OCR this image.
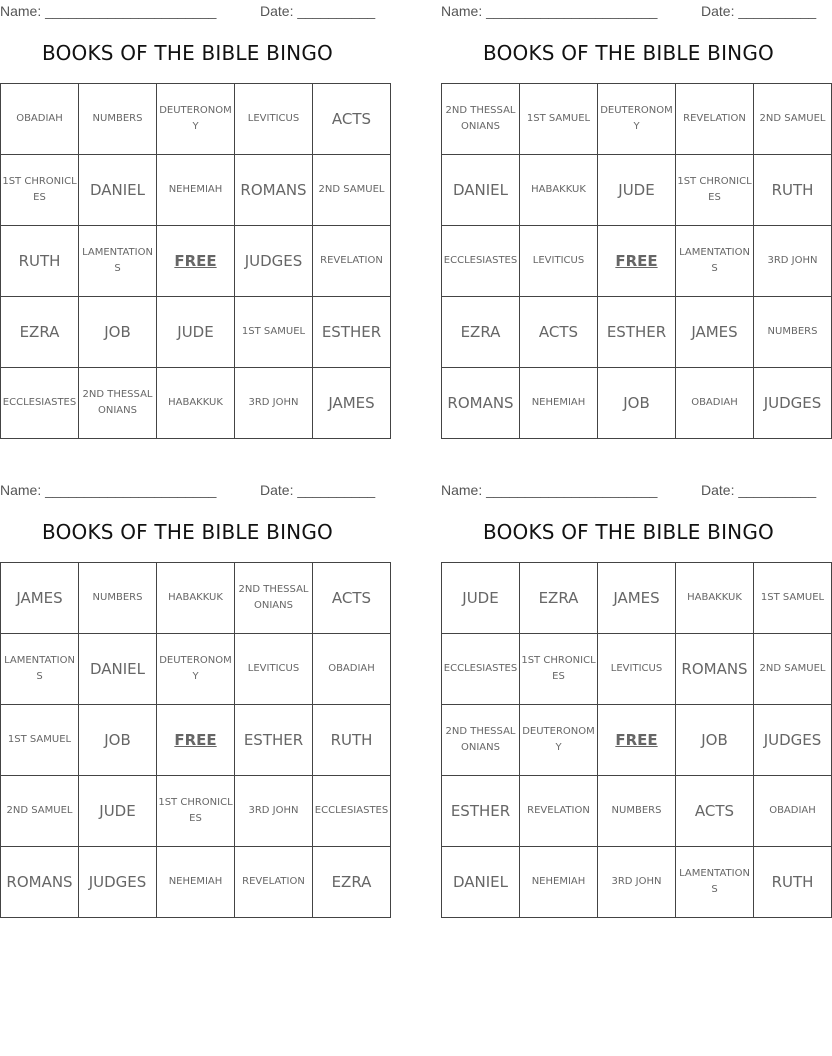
Name: ______________________	Date: __________
BOOKS OF THE BIBLE BINGO
OBADIAH	NUMBERS	DEUTERONOMY	LEVITICUS	ACTS
1ST CHRONICLES	DANIEL	NEHEMIAH	ROMANS	2ND SAMUEL
RUTH	LAMENTATIONS	FREE	JUDGES	REVELATION
EZRA	JOB	JUDE	1ST SAMUEL	ESTHER
ECCLESIASTES	2ND THESSALONIANS	HABAKKUK	3RD JOHN	JAMES
Name: ______________________	Date: __________
BOOKS OF THE BIBLE BINGO
2ND THESSALONIANS	1ST SAMUEL	DEUTERONOMY	REVELATION	2ND SAMUEL
DANIEL	HABAKKUK	JUDE	1ST CHRONICLES	RUTH
ECCLESIASTES	LEVITICUS	FREE	LAMENTATIONS	3RD JOHN
EZRA	ACTS	ESTHER	JAMES	NUMBERS
ROMANS	NEHEMIAH	JOB	OBADIAH	JUDGES
Name: ______________________	Date: __________
BOOKS OF THE BIBLE BINGO
JAMES	NUMBERS	HABAKKUK	2ND THESSALONIANS	ACTS
LAMENTATIONS	DANIEL	DEUTERONOMY	LEVITICUS	OBADIAH
1ST SAMUEL	JOB	FREE	ESTHER	RUTH
2ND SAMUEL	JUDE	1ST CHRONICLES	3RD JOHN	ECCLESIASTES
ROMANS	JUDGES	NEHEMIAH	REVELATION	EZRA
Name: ______________________	Date: __________
BOOKS OF THE BIBLE BINGO
JUDE	EZRA	JAMES	HABAKKUK	1ST SAMUEL
ECCLESIASTES	1ST CHRONICLES	LEVITICUS	ROMANS	2ND SAMUEL
2ND THESSALONIANS	DEUTERONOMY	FREE	JOB	JUDGES
ESTHER	REVELATION	NUMBERS	ACTS	OBADIAH
DANIEL	NEHEMIAH	3RD JOHN	LAMENTATIONS	RUTH
